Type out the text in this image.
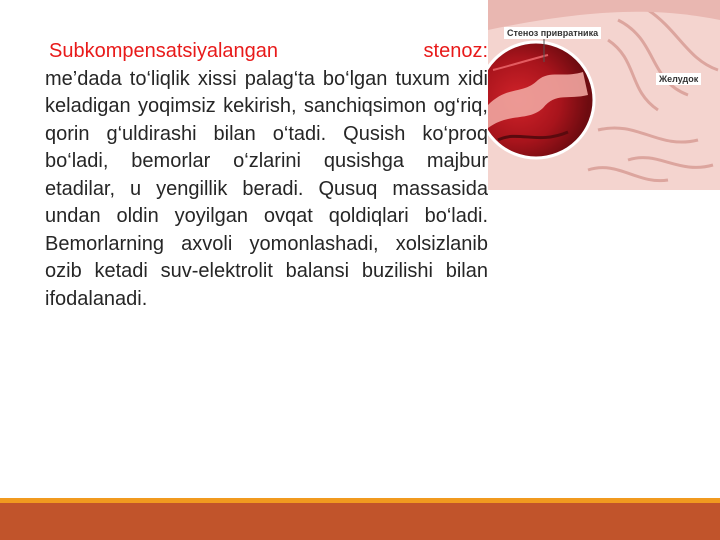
Subkompensatsiyalangan	stenoz:
me’dada to‘liqlik xissi palag‘ta bo‘lgan tuxum xidi keladigan yoqimsiz kekirish, sanchiqsimon og‘riq, qorin g‘uldirashi bilan o‘tadi. Qusish ko‘proq bo‘ladi, bemorlar o‘zlarini qusishga majbur etadilar, u yengillik beradi. Qusuq massasida undan oldin yoyilgan ovqat qoldiqlari bo‘ladi. Bemorlarning axvoli yomonlashadi, xolsizlanib ozib ketadi suv-elektrolit balansi buzilishi bilan ifodalanadi.
Стеноз привратника
Желудок
